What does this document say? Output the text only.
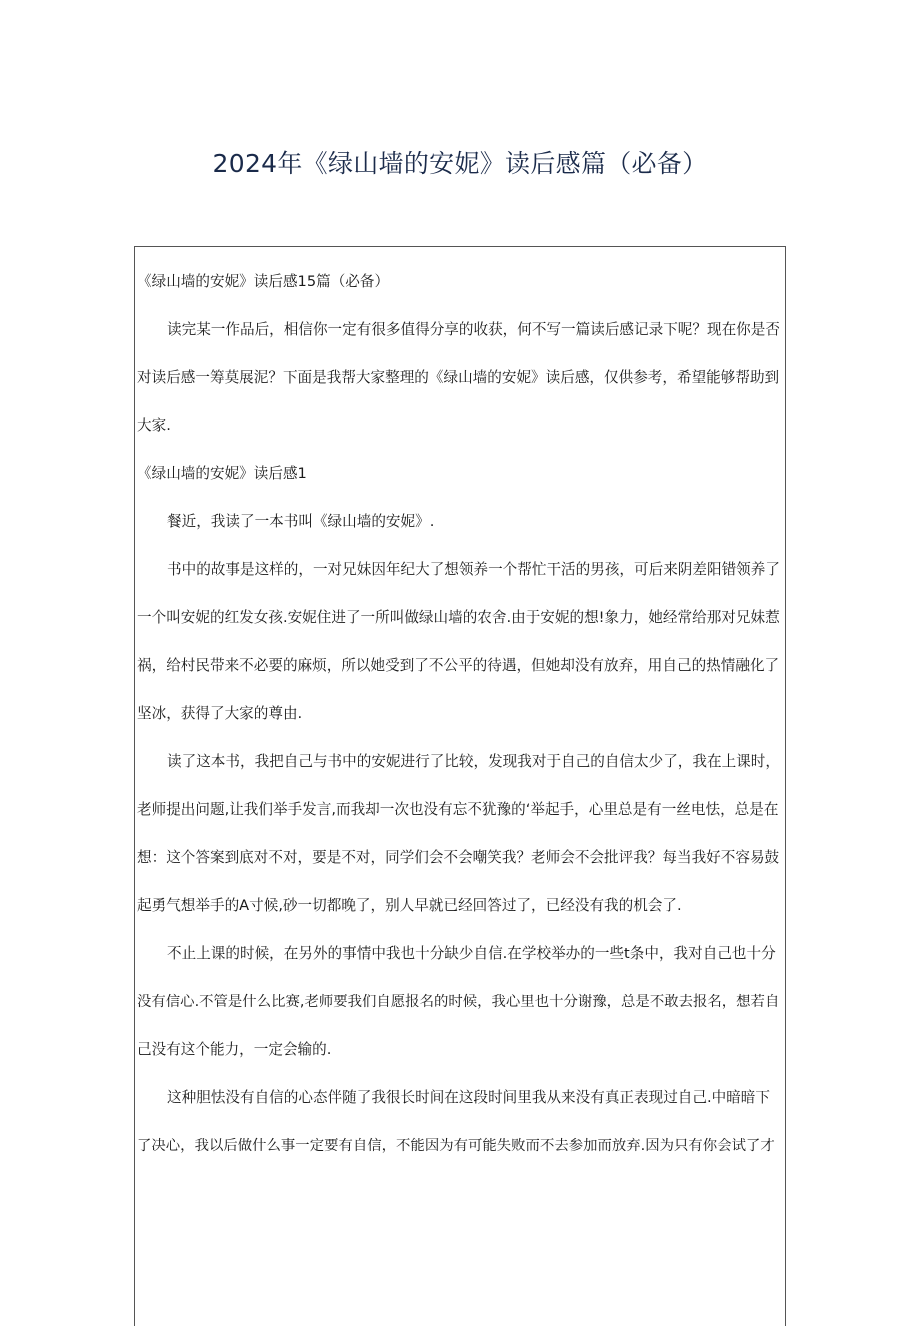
2024年《绿山墙的安妮》读后感篇（必备）
《绿山墙的安妮》读后感15篇（必备）
读完某一作品后，相信你一定有很多值得分享的收获，何不写一篇读后感记录下呢？现在你是否
对读后感一筹莫展泥？下面是我帮大家整理的《绿山墙的安妮》读后感，仅供参考，希望能够帮助到
大家.
《绿山墙的安妮》读后感1
餐近，我读了一本书叫《绿山墙的安妮》.
书中的故事是这样的，一对兄妹因年纪大了想领养一个帮忙干活的男孩，可后来阴差阳错领养了
一个叫安妮的红发女孩.安妮住进了一所叫做绿山墙的农舍.由于安妮的想!象力，她经常给那对兄妹惹
祸，给村民带来不必要的麻烦，所以她受到了不公平的待遇，但她却没有放弃，用自己的热情融化了
坚冰，获得了大家的尊由.
读了这本书，我把自己与书中的安妮进行了比较，发现我对于自己的自信太少了，我在上课时，
老师提出问题,让我们举手发言,而我却一次也没有忘不犹豫的‘举起手，心里总是有一丝电怯，总是在
想：这个答案到底对不对，要是不对，同学们会不会嘲笑我？老师会不会批评我？每当我好不容易鼓
起勇气想举手的A寸候,砂一切都晚了，别人早就已经回答过了，已经没有我的机会了.
不止上课的时候，在另外的事情中我也十分缺少自信.在学校举办的一些t条中，我对自己也十分
没有信心.不管是什么比赛,老师要我们自愿报名的时候，我心里也十分谢豫，总是不敢去报名，想若自
己没有这个能力，一定会输的.
这种胆怯没有自信的心态伴随了我很长时间在这段时间里我从来没有真正表现过自己.中暗暗下
了决心，我以后做什么事一定要有自信，不能因为有可能失败而不去参加而放弃.因为只有你会试了才
